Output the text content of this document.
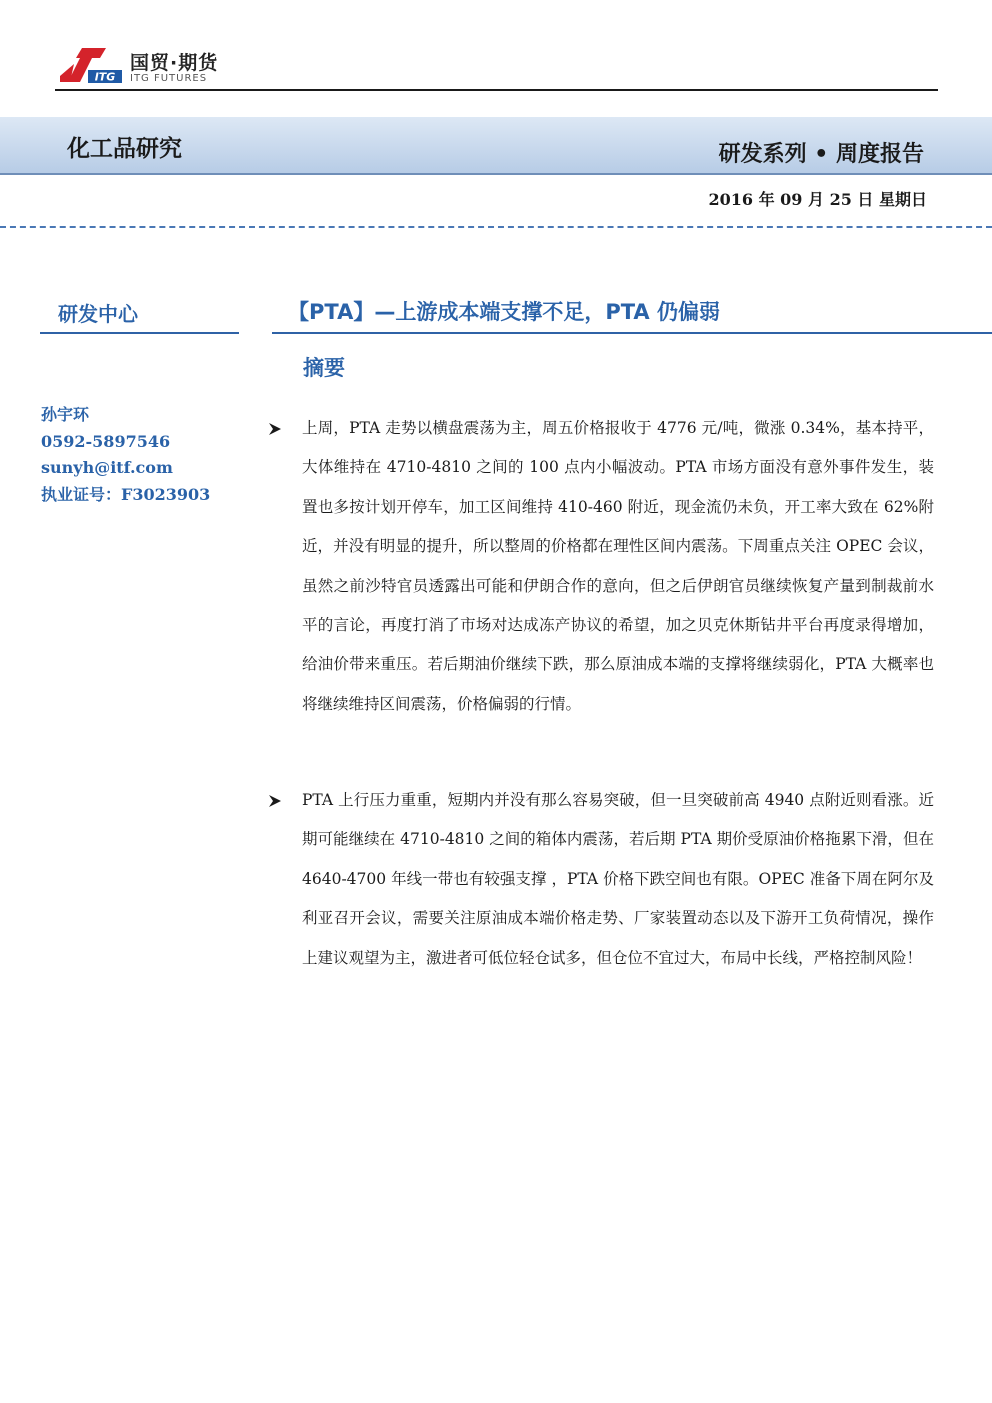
ITG
国贸·期货
ITG FUTURES
化工品研究	研发系列 • 周度报告
2016 年 09 月 25 日 星期日
研发中心
孙宇环
0592-5897546
sunyh@itf.com
执业证号：F3023903
【PTA】—上游成本端支撑不足，PTA 仍偏弱
摘要
上周，PTA 走势以横盘震荡为主，周五价格报收于 4776 元/吨，微涨 0.34%，基本持平，大体维持在 4710-4810 之间的 100 点内小幅波动。PTA 市场方面没有意外事件发生，装置也多按计划开停车，加工区间维持 410-460 附近，现金流仍未负，开工率大致在 62%附近，并没有明显的提升，所以整周的价格都在理性区间内震荡。下周重点关注 OPEC 会议，虽然之前沙特官员透露出可能和伊朗合作的意向，但之后伊朗官员继续恢复产量到制裁前水平的言论，再度打消了市场对达成冻产协议的希望，加之贝克休斯钻井平台再度录得增加，给油价带来重压。若后期油价继续下跌，那么原油成本端的支撑将继续弱化，PTA 大概率也将继续维持区间震荡，价格偏弱的行情。
PTA 上行压力重重，短期内并没有那么容易突破，但一旦突破前高 4940 点附近则看涨。近期可能继续在 4710-4810 之间的箱体内震荡，若后期 PTA 期价受原油价格拖累下滑，但在 4640-4700 年线一带也有较强支撑 ，PTA 价格下跌空间也有限。OPEC 准备下周在阿尔及利亚召开会议，需要关注原油成本端价格走势、厂家装置动态以及下游开工负荷情况，操作上建议观望为主，激进者可低位轻仓试多，但仓位不宜过大，布局中长线，严格控制风险！
